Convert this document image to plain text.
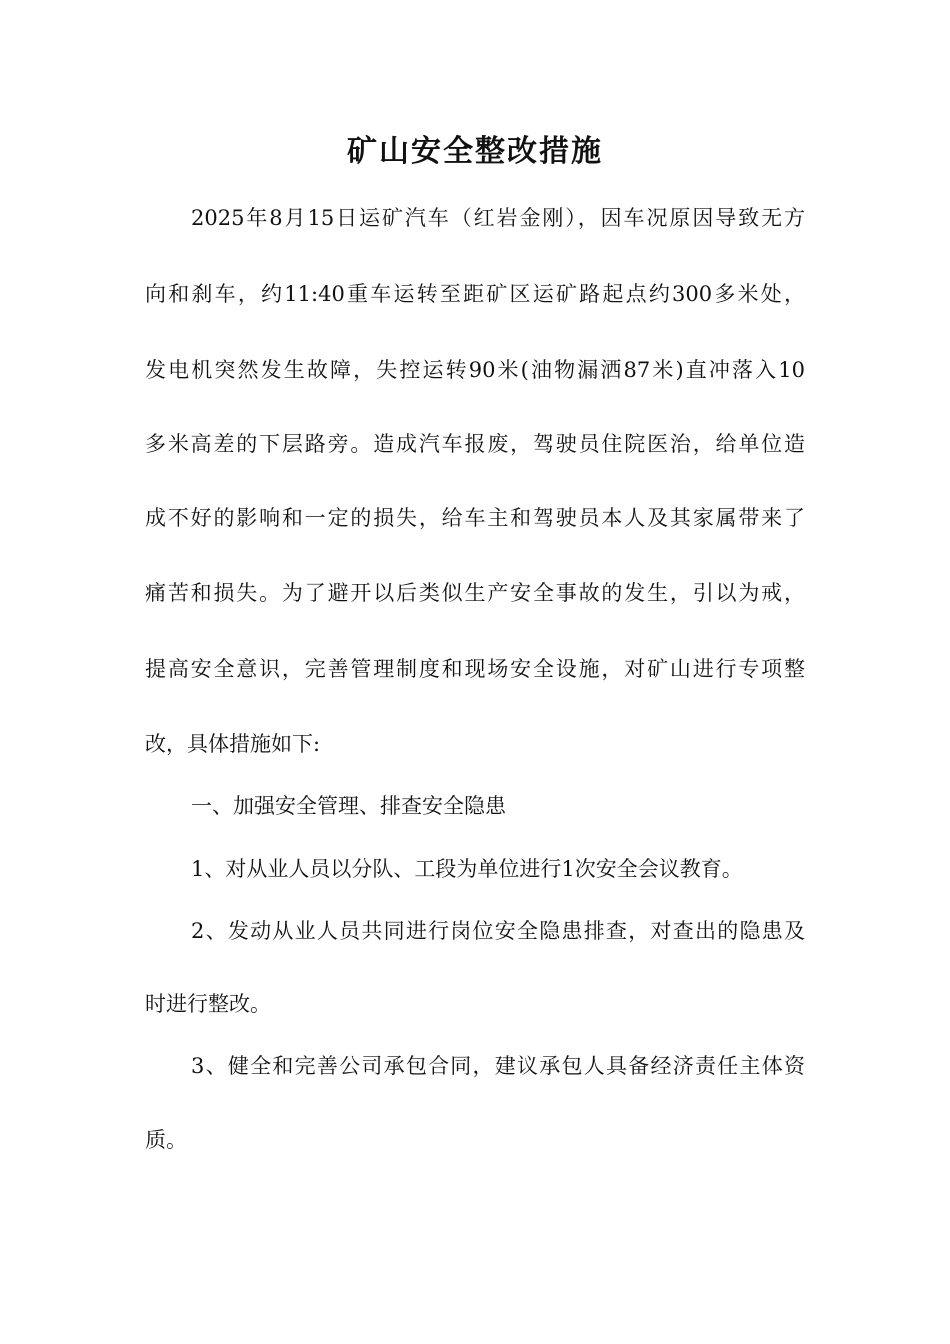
矿山安全整改措施
2025年8月15日运矿汽车（红岩金刚），因车况原因导致无方
向和刹车，约11:40重车运转至距矿区运矿路起点约300多米处，
发电机突然发生故障，失控运转90米(油物漏洒87米)直冲落入10
多米高差的下层路旁。造成汽车报废，驾驶员住院医治，给单位造
成不好的影响和一定的损失，给车主和驾驶员本人及其家属带来了
痛苦和损失。为了避开以后类似生产安全事故的发生，引以为戒，
提高安全意识，完善管理制度和现场安全设施，对矿山进行专项整
改，具体措施如下:
一、加强安全管理、排查安全隐患
1、对从业人员以分队、工段为单位进行1次安全会议教育。
2、发动从业人员共同进行岗位安全隐患排查，对查出的隐患及
时进行整改。
3、健全和完善公司承包合同，建议承包人具备经济责任主体资
质。
